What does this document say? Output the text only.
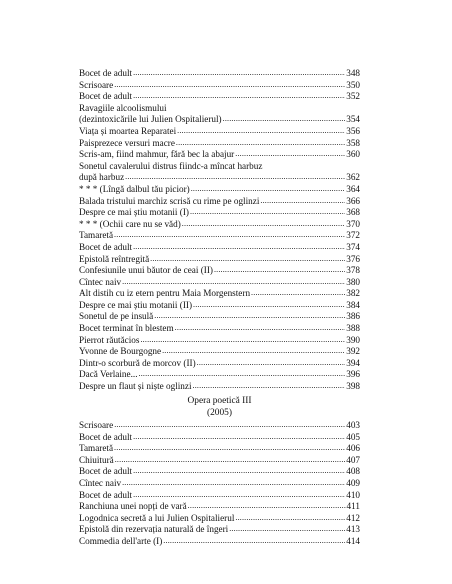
Bocet de adult .....	348
Scrisoare .....	350
Bocet de adult .....	352
Ravagiile alcoolismului
(dezintoxicările lui Julien Ospitalierul) .....	354
Viața și moartea Reparatei .....	356
Paisprezece versuri macre .....	358
Scris-am, fiind mahmur, fără bec la abajur .....	360
Sonetul cavalerului distrus fiindc-a mîncat harbuz
după harbuz .....	362
* * * (Lîngă dalbul tău picior) .....	364
Balada tristului marchiz scrisă cu rime pe oglinzi .....	366
Despre ce mai știu motanii (I) .....	368
* * * (Ochii care nu se văd) .....	370
Tamaretă .....	372
Bocet de adult .....	374
Epistolă reîntregită .....	376
Confesiunile unui băutor de ceai (II) .....	378
Cîntec naiv .....	380
Alt distih cu iz etern pentru Maia Morgenstern .....	382
Despre ce mai știu motanii (II) .....	384
Sonetul de pe insulă .....	386
Bocet terminat în blestem .....	388
Pierrot răutăcios .....	390
Yvonne de Bourgogne .....	392
Dintr-o scorbură de morcov (II) .....	394
Dacă Verlaine... .....	396
Despre un flaut și niște oglinzi .....	398
Opera poetică III
(2005)
Scrisoare .....	403
Bocet de adult .....	405
Tamaretă .....	406
Chiuitură .....	407
Bocet de adult .....	408
Cîntec naiv .....	409
Bocet de adult .....	410
Ranchiuna unei nopți de vară .....	411
Logodnica secretă a lui Julien Ospitalierul .....	412
Epistolă din rezervația naturală de îngeri .....	413
Commedia dell'arte (I) .....	414
